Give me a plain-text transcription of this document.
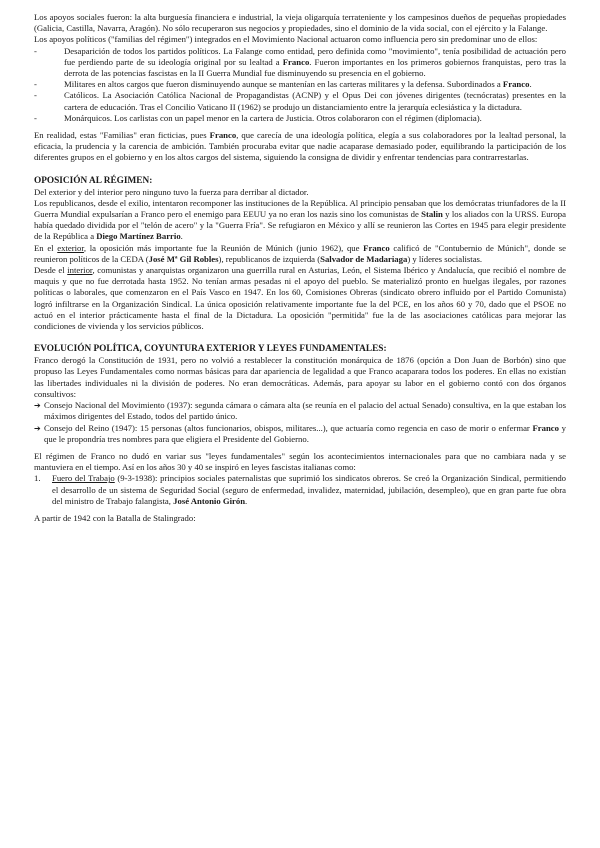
Los apoyos sociales fueron: la alta burguesía financiera e industrial, la vieja oligarquía terrateniente y los campesinos dueños de pequeñas propiedades (Galicia, Castilla, Navarra, Aragón). No sólo recuperaron sus negocios y propiedades, sino el dominio de la vida social, con el ejército y la Falange.

Los apoyos políticos ("familias del régimen") integrados en el Movimiento Nacional actuaron como influencia pero sin predominar uno de ellos:

-	Desaparición de todos los partidos políticos. La Falange como entidad, pero definida como "movimiento", tenía posibilidad de actuación pero fue perdiendo parte de su ideología original por su lealtad a Franco. Fueron importantes en los primeros gobiernos franquistas, pero tras la derrota de las potencias fascistas en la II Guerra Mundial fue disminuyendo su presencia en el gobierno.
-	Militares en altos cargos que fueron disminuyendo aunque se mantenían en las carteras militares y la defensa. Subordinados a Franco.
-	Católicos. La Asociación Católica Nacional de Propagandistas (ACNP) y el Opus Dei con jóvenes dirigentes (tecnócratas) presentes en la cartera de educación. Tras el Concilio Vaticano II (1962) se produjo un distanciamiento entre la jerarquía eclesiástica y la dictadura.
-	Monárquicos. Los carlistas con un papel menor en la cartera de Justicia. Otros colaboraron con el régimen (diplomacia).

En realidad, estas "Familias" eran ficticias, pues Franco, que carecía de una ideología política, elegía a sus colaboradores por la lealtad personal, la eficacia, la prudencia y la carencia de ambición. También procuraba evitar que nadie acaparase demasiado poder, equilibrando la participación de los diferentes grupos en el gobierno y en los altos cargos del sistema, siguiendo la consigna de dividir y enfrentar tendencias para contrarrestarlas.

OPOSICIÓN AL RÉGIMEN:

Del exterior y del interior pero ninguno tuvo la fuerza para derribar al dictador.

Los republicanos, desde el exilio, intentaron recomponer las instituciones de la República. Al principio pensaban que los demócratas triunfadores de la II Guerra Mundial expulsarían a Franco pero el enemigo para EEUU ya no eran los nazis sino los comunistas de Stalin y los aliados con la URSS. Europa había quedado dividida por el "telón de acero" y la "Guerra Fría". Se refugiaron en México y allí se reunieron las Cortes en 1945 para elegir presidente de la República a Diego Martínez Barrio.

En el exterior, la oposición más importante fue la Reunión de Múnich (junio 1962), que Franco calificó de "Contubernio de Múnich", donde se reunieron políticos de la CEDA (José Mª Gil Robles), republicanos de izquierda (Salvador de Madariaga) y líderes socialistas.

Desde el interior, comunistas y anarquistas organizaron una guerrilla rural en Asturias, León, el Sistema Ibérico y Andalucía, que recibió el nombre de maquis y que no fue derrotada hasta 1952. No tenían armas pesadas ni el apoyo del pueblo. Se materializó pronto en huelgas ilegales, por razones políticas o laborales, que comenzaron en el País Vasco en 1947. En los 60, Comisiones Obreras (sindicato obrero influido por el Partido Comunista) logró infiltrarse en la Organización Sindical. La única oposición relativamente importante fue la del PCE, en los años 60 y 70, dado que el PSOE no actuó en el interior prácticamente hasta el final de la Dictadura. La oposición "permitida" fue la de las asociaciones católicas para mejorar las condiciones de vivienda y los servicios públicos.

EVOLUCIÓN POLÍTICA, COYUNTURA EXTERIOR Y LEYES FUNDAMENTALES:

Franco derogó la Constitución de 1931, pero no volvió a restablecer la constitución monárquica de 1876 (opción a Don Juan de Borbón) sino que propuso las Leyes Fundamentales como normas básicas para dar apariencia de legalidad a que Franco acaparara todos los poderes. En ellas no existían las libertades individuales ni la división de poderes. No eran democráticas. Además, para apoyar su labor en el gobierno contó con dos órganos consultivos:

➔ Consejo Nacional del Movimiento (1937): segunda cámara o cámara alta (se reunía en el palacio del actual Senado) consultiva, en la que estaban los máximos dirigentes del Estado, todos del partido único.
➔ Consejo del Reino (1947): 15 personas (altos funcionarios, obispos, militares...), que actuaría como regencia en caso de morir o enfermar Franco y que le propondría tres nombres para que eligiera el Presidente del Gobierno.

El régimen de Franco no dudó en variar sus "leyes fundamentales" según los acontecimientos internacionales para que no cambiara nada y se mantuviera en el tiempo. Así en los años 30 y 40 se inspiró en leyes fascistas italianas como:

1.	Fuero del Trabajo (9-3-1938): principios sociales paternalistas que suprimió los sindicatos obreros. Se creó la Organización Sindical, permitiendo el desarrollo de un sistema de Seguridad Social (seguro de enfermedad, invalidez, maternidad, jubilación, desempleo), que en gran parte fue obra del ministro de Trabajo falangista, José Antonio Girón.

A partir de 1942 con la Batalla de Stalingrado:
